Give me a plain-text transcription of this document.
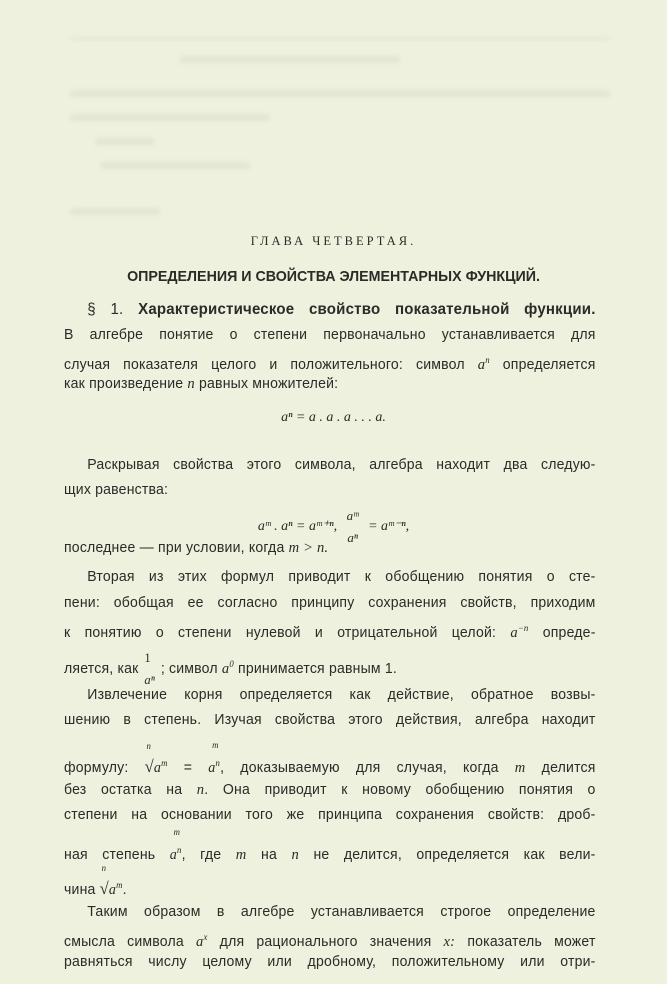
ГЛАВА ЧЕТВЕРТАЯ.
ОПРЕДЕЛЕНИЯ И СВОЙСТВА ЭЛЕМЕНТАРНЫХ ФУНКЦИЙ.
§ 1. Характеристическое свойство показательной функции.
В алгебре понятие о степени первоначально устанавливается для
случая показателя целого и положительного: символ $a^n$ определяется
как произведение n равных множителей:
aⁿ = a . a . a . . . a.
Раскрывая свойства этого символа, алгебра находит два следую-
щих равенства:
aᵐ . aⁿ = aᵐ⁺ⁿ,
aᵐ
aⁿ
= aᵐ⁻ⁿ,
последнее — при условии, когда m > n.
Вторая из этих формул приводит к обобщению понятия о сте-
пени: обобщая ее согласно принципу сохранения свойств, приходим
к понятию о степени нулевой и отрицательной целой: $a^{-n}$ опреде-
ляется, как
1
aⁿ
; символ $a^0$ принимается равным 1.
Извлечение корня определяется как действие, обратное возвы-
шению в степень. Изучая свойства этого действия, алгебра находит
формулу:
n
$√a^m$ =
m
$a^n$, доказываемую для случая, когда m делится
без остатка на n. Она приводит к новому обобщению понятия о
степени на основании того же принципа сохранения свойств: дроб-
ная степень
m
$a^n$, где m на n не делится, определяется как вели-
чина
n
$√a^m$.
Таким образом в алгебре устанавливается строгое определение
смысла символа $a^x$ для рационального значения x: показатель может
равняться числу целому или дробному, положительному или отри-
